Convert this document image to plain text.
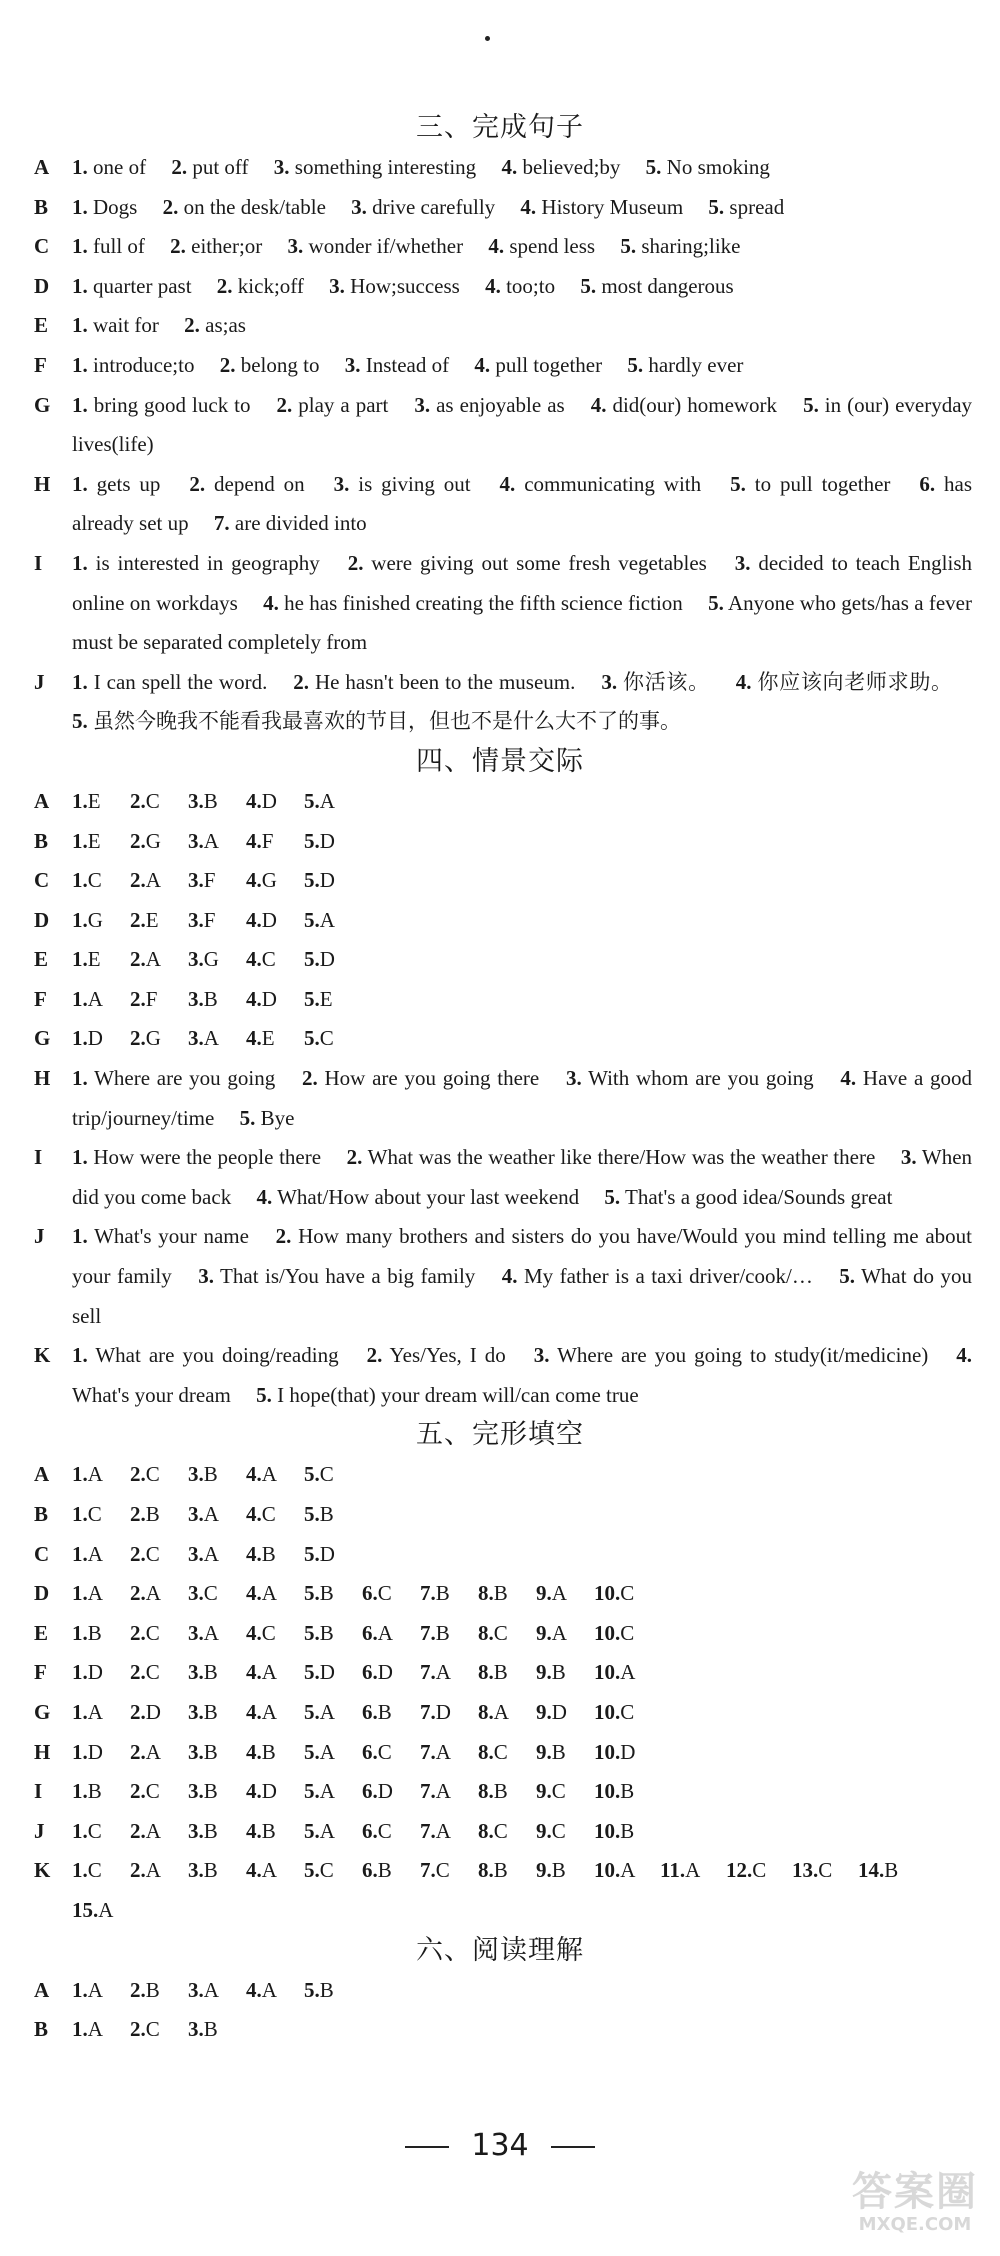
三、完成句子
A	1. one of 2. put off 3. something interesting 4. believed;by 5. No smoking
B	1. Dogs 2. on the desk/table 3. drive carefully 4. History Museum 5. spread
C	1. full of 2. either;or 3. wonder if/whether 4. spend less 5. sharing;like
D	1. quarter past 2. kick;off 3. How;success 4. too;to 5. most dangerous
E	1. wait for 2. as;as
F	1. introduce;to 2. belong to 3. Instead of 4. pull together 5. hardly ever
G	1. bring good luck to 2. play a part 3. as enjoyable as 4. did(our) homework 5. in (our) everyday lives(life)
H	1. gets up 2. depend on 3. is giving out 4. communicating with 5. to pull together 6. has already set up 7. are divided into
I	1. is interested in geography 2. were giving out some fresh vegetables 3. decided to teach English online on workdays 4. he has finished creating the fifth science fiction 5. Anyone who gets/has a fever must be separated completely from
J	1. I can spell the word. 2. He hasn't been to the museum. 3. 你活该。 4. 你应该向老师求助。 5. 虽然今晚我不能看我最喜欢的节目，但也不是什么大不了的事。
四、情景交际
A	1.E 2.C 3.B 4.D 5.A
B	1.E 2.G 3.A 4.F 5.D
C	1.C 2.A 3.F 4.G 5.D
D	1.G 2.E 3.F 4.D 5.A
E	1.E 2.A 3.G 4.C 5.D
F	1.A 2.F 3.B 4.D 5.E
G	1.D 2.G 3.A 4.E 5.C
H	1. Where are you going 2. How are you going there 3. With whom are you going 4. Have a good trip/journey/time 5. Bye
I	1. How were the people there 2. What was the weather like there/How was the weather there 3. When did you come back 4. What/How about your last weekend 5. That's a good idea/Sounds great
J	1. What's your name 2. How many brothers and sisters do you have/Would you mind telling me about your family 3. That is/You have a big family 4. My father is a taxi driver/cook/… 5. What do you sell
K	1. What are you doing/reading 2. Yes/Yes, I do 3. Where are you going to study(it/medicine) 4. What's your dream 5. I hope(that) your dream will/can come true
五、完形填空
A	1.A 2.C 3.B 4.A 5.C
B	1.C 2.B 3.A 4.C 5.B
C	1.A 2.C 3.A 4.B 5.D
D	1.A 2.A 3.C 4.A 5.B 6.C 7.B 8.B 9.A 10.C
E	1.B 2.C 3.A 4.C 5.B 6.A 7.B 8.C 9.A 10.C
F	1.D 2.C 3.B 4.A 5.D 6.D 7.A 8.B 9.B 10.A
G	1.A 2.D 3.B 4.A 5.A 6.B 7.D 8.A 9.D 10.C
H	1.D 2.A 3.B 4.B 5.A 6.C 7.A 8.C 9.B 10.D
I	1.B 2.C 3.B 4.D 5.A 6.D 7.A 8.B 9.C 10.B
J	1.C 2.A 3.B 4.B 5.A 6.C 7.A 8.C 9.C 10.B
K	1.C 2.A 3.B 4.A 5.C 6.B 7.C 8.B 9.B 10.A 11.A 12.C 13.C 14.B15.A
六、阅读理解
A	1.A 2.B 3.A 4.A 5.B
B	1.A 2.C 3.B
134
答案圈
MXQE.COM
